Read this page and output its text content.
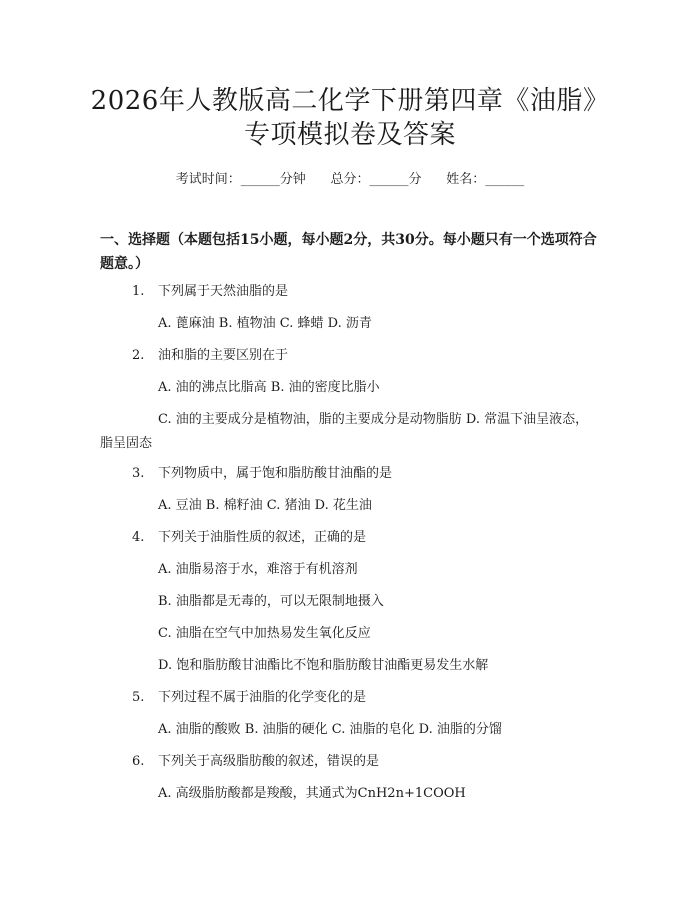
2026年人教版高二化学下册第四章《油脂》
专项模拟卷及答案
考试时间：______分钟      总分：______分      姓名：______
一、选择题（本题包括15小题，每小题2分，共30分。每小题只有一个选项符合题意。）
1. 下列属于天然油脂的是
A. 蓖麻油 B. 植物油 C. 蜂蜡 D. 沥青
2. 油和脂的主要区别在于
A. 油的沸点比脂高 B. 油的密度比脂小
C. 油的主要成分是植物油，脂的主要成分是动物脂肪 D. 常温下油呈液态，脂呈固态
3. 下列物质中，属于饱和脂肪酸甘油酯的是
A. 豆油 B. 棉籽油 C. 猪油 D. 花生油
4. 下列关于油脂性质的叙述，正确的是
A. 油脂易溶于水，难溶于有机溶剂
B. 油脂都是无毒的，可以无限制地摄入
C. 油脂在空气中加热易发生氧化反应
D. 饱和脂肪酸甘油酯比不饱和脂肪酸甘油酯更易发生水解
5. 下列过程不属于油脂的化学变化的是
A. 油脂的酸败 B. 油脂的硬化 C. 油脂的皂化 D. 油脂的分馏
6. 下列关于高级脂肪酸的叙述，错误的是
A. 高级脂肪酸都是羧酸，其通式为CnH2n+1COOH
